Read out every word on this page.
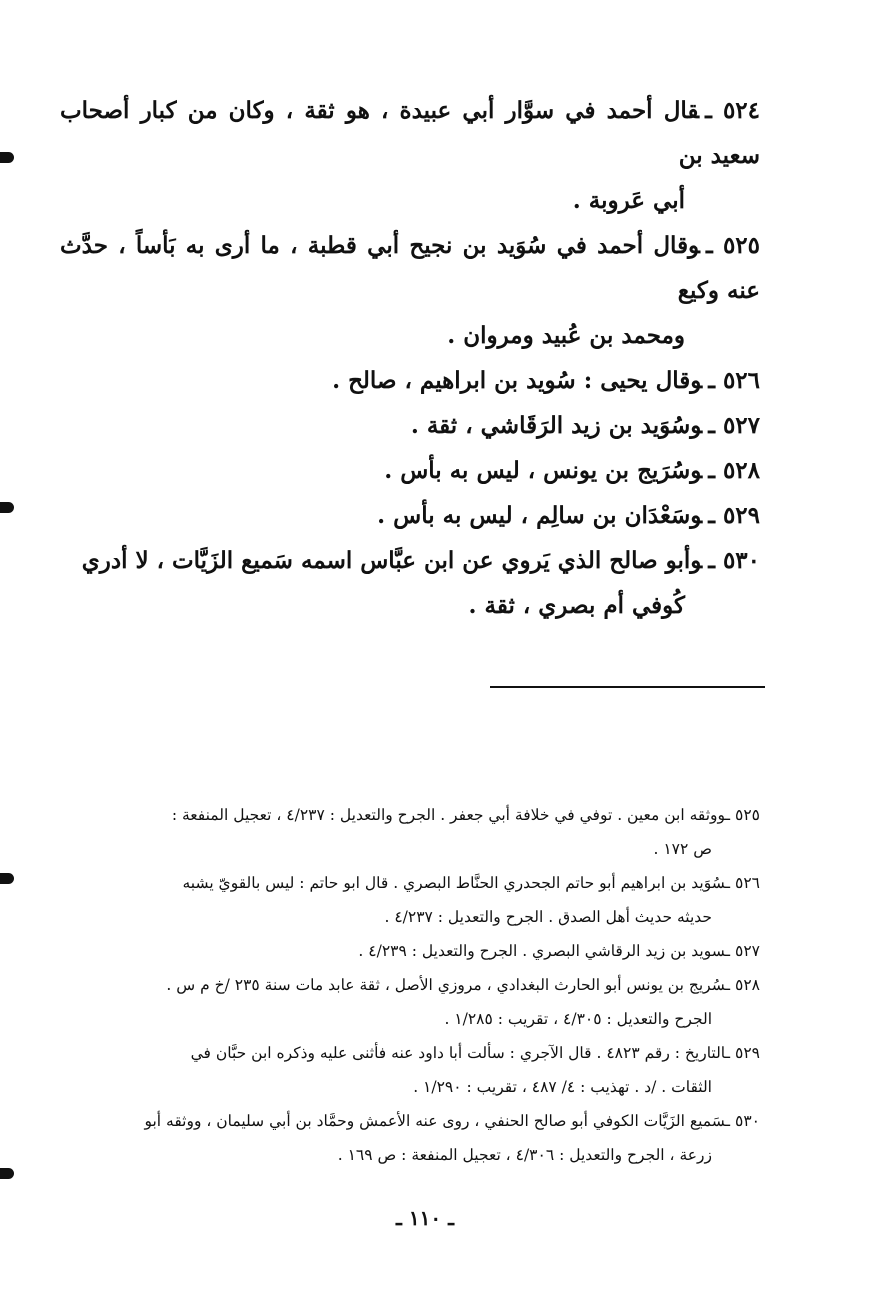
٥٢٤ ـقال أحمد في سوَّار أبي عبيدة ، هو ثقة ، وكان من كبار أصحاب سعيد بن
أبي عَروبة .
٥٢٥ ـوقال أحمد في سُوَيد بن نجيح أبي قطبة ، ما أرى به بَأساً ، حدَّث عنه وكيع
ومحمد بن عُبيد ومروان .
٥٢٦ ـوقال يحيى : سُويد بن ابراهيم ، صالح .
٥٢٧ ـوسُوَيد بن زيد الرَقَاشي ، ثقة .
٥٢٨ ـوسُرَيج بن يونس ، ليس به بأس .
٥٢٩ ـوسَعْدَان بن سالِم ، ليس به بأس .
٥٣٠ ـوأبو صالح الذي يَروي عن ابن عبَّاس اسمه سَميع الزَيَّات ، لا أدري
كُوفي أم بصري ، ثقة .
٥٢٥ ـووثقه ابن معين . توفي في خلافة أبي جعفر . الجرح والتعديل : ٤/٢٣٧ ، تعجيل المنفعة :
ص ١٧٢ .
٥٢٦ ـسُوَيد بن ابراهيم أبو حاتم الجحدري الحنَّاط البصري . قال ابو حاتم : ليس بالقويّ يشبه
حديثه حديث أهل الصدق . الجرح والتعديل : ٤/٢٣٧ .
٥٢٧ ـسويد بن زيد الرقاشي البصري . الجرح والتعديل : ٤/٢٣٩ .
٥٢٨ ـسُريج بن يونس أبو الحارث البغدادي ، مروزي الأصل ، ثقة عابد مات سنة ٢٣٥ /خ م س .
الجرح والتعديل : ٤/٣٠٥ ، تقريب : ١/٢٨٥ .
٥٢٩ ـالتاريخ : رقم ٤٨٢٣ . قال الآجري : سألت أبا داود عنه فأثنى عليه وذكره ابن حبَّان في
الثقات . /د . تهذيب : ٤/ ٤٨٧ ، تقريب : ١/٢٩٠ .
٥٣٠ ـسَميع الزَيَّات الكوفي أبو صالح الحنفي ، روى عنه الأعمش وحمَّاد بن أبي سليمان ، ووثقه أبو
زرعة ، الجرح والتعديل : ٤/٣٠٦ ، تعجيل المنفعة : ص ١٦٩ .
ـ ١١٠ ـ
